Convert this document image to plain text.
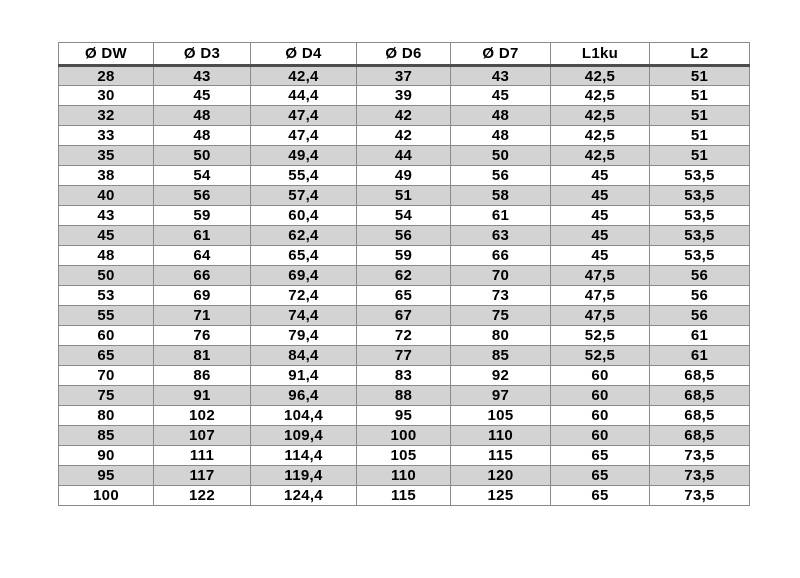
Ø DW	Ø D3	Ø D4	Ø D6	Ø D7	L1ku	L2
28	43	42,4	37	43	42,5	51
30	45	44,4	39	45	42,5	51
32	48	47,4	42	48	42,5	51
33	48	47,4	42	48	42,5	51
35	50	49,4	44	50	42,5	51
38	54	55,4	49	56	45	53,5
40	56	57,4	51	58	45	53,5
43	59	60,4	54	61	45	53,5
45	61	62,4	56	63	45	53,5
48	64	65,4	59	66	45	53,5
50	66	69,4	62	70	47,5	56
53	69	72,4	65	73	47,5	56
55	71	74,4	67	75	47,5	56
60	76	79,4	72	80	52,5	61
65	81	84,4	77	85	52,5	61
70	86	91,4	83	92	60	68,5
75	91	96,4	88	97	60	68,5
80	102	104,4	95	105	60	68,5
85	107	109,4	100	110	60	68,5
90	111	114,4	105	115	65	73,5
95	117	119,4	110	120	65	73,5
100	122	124,4	115	125	65	73,5
